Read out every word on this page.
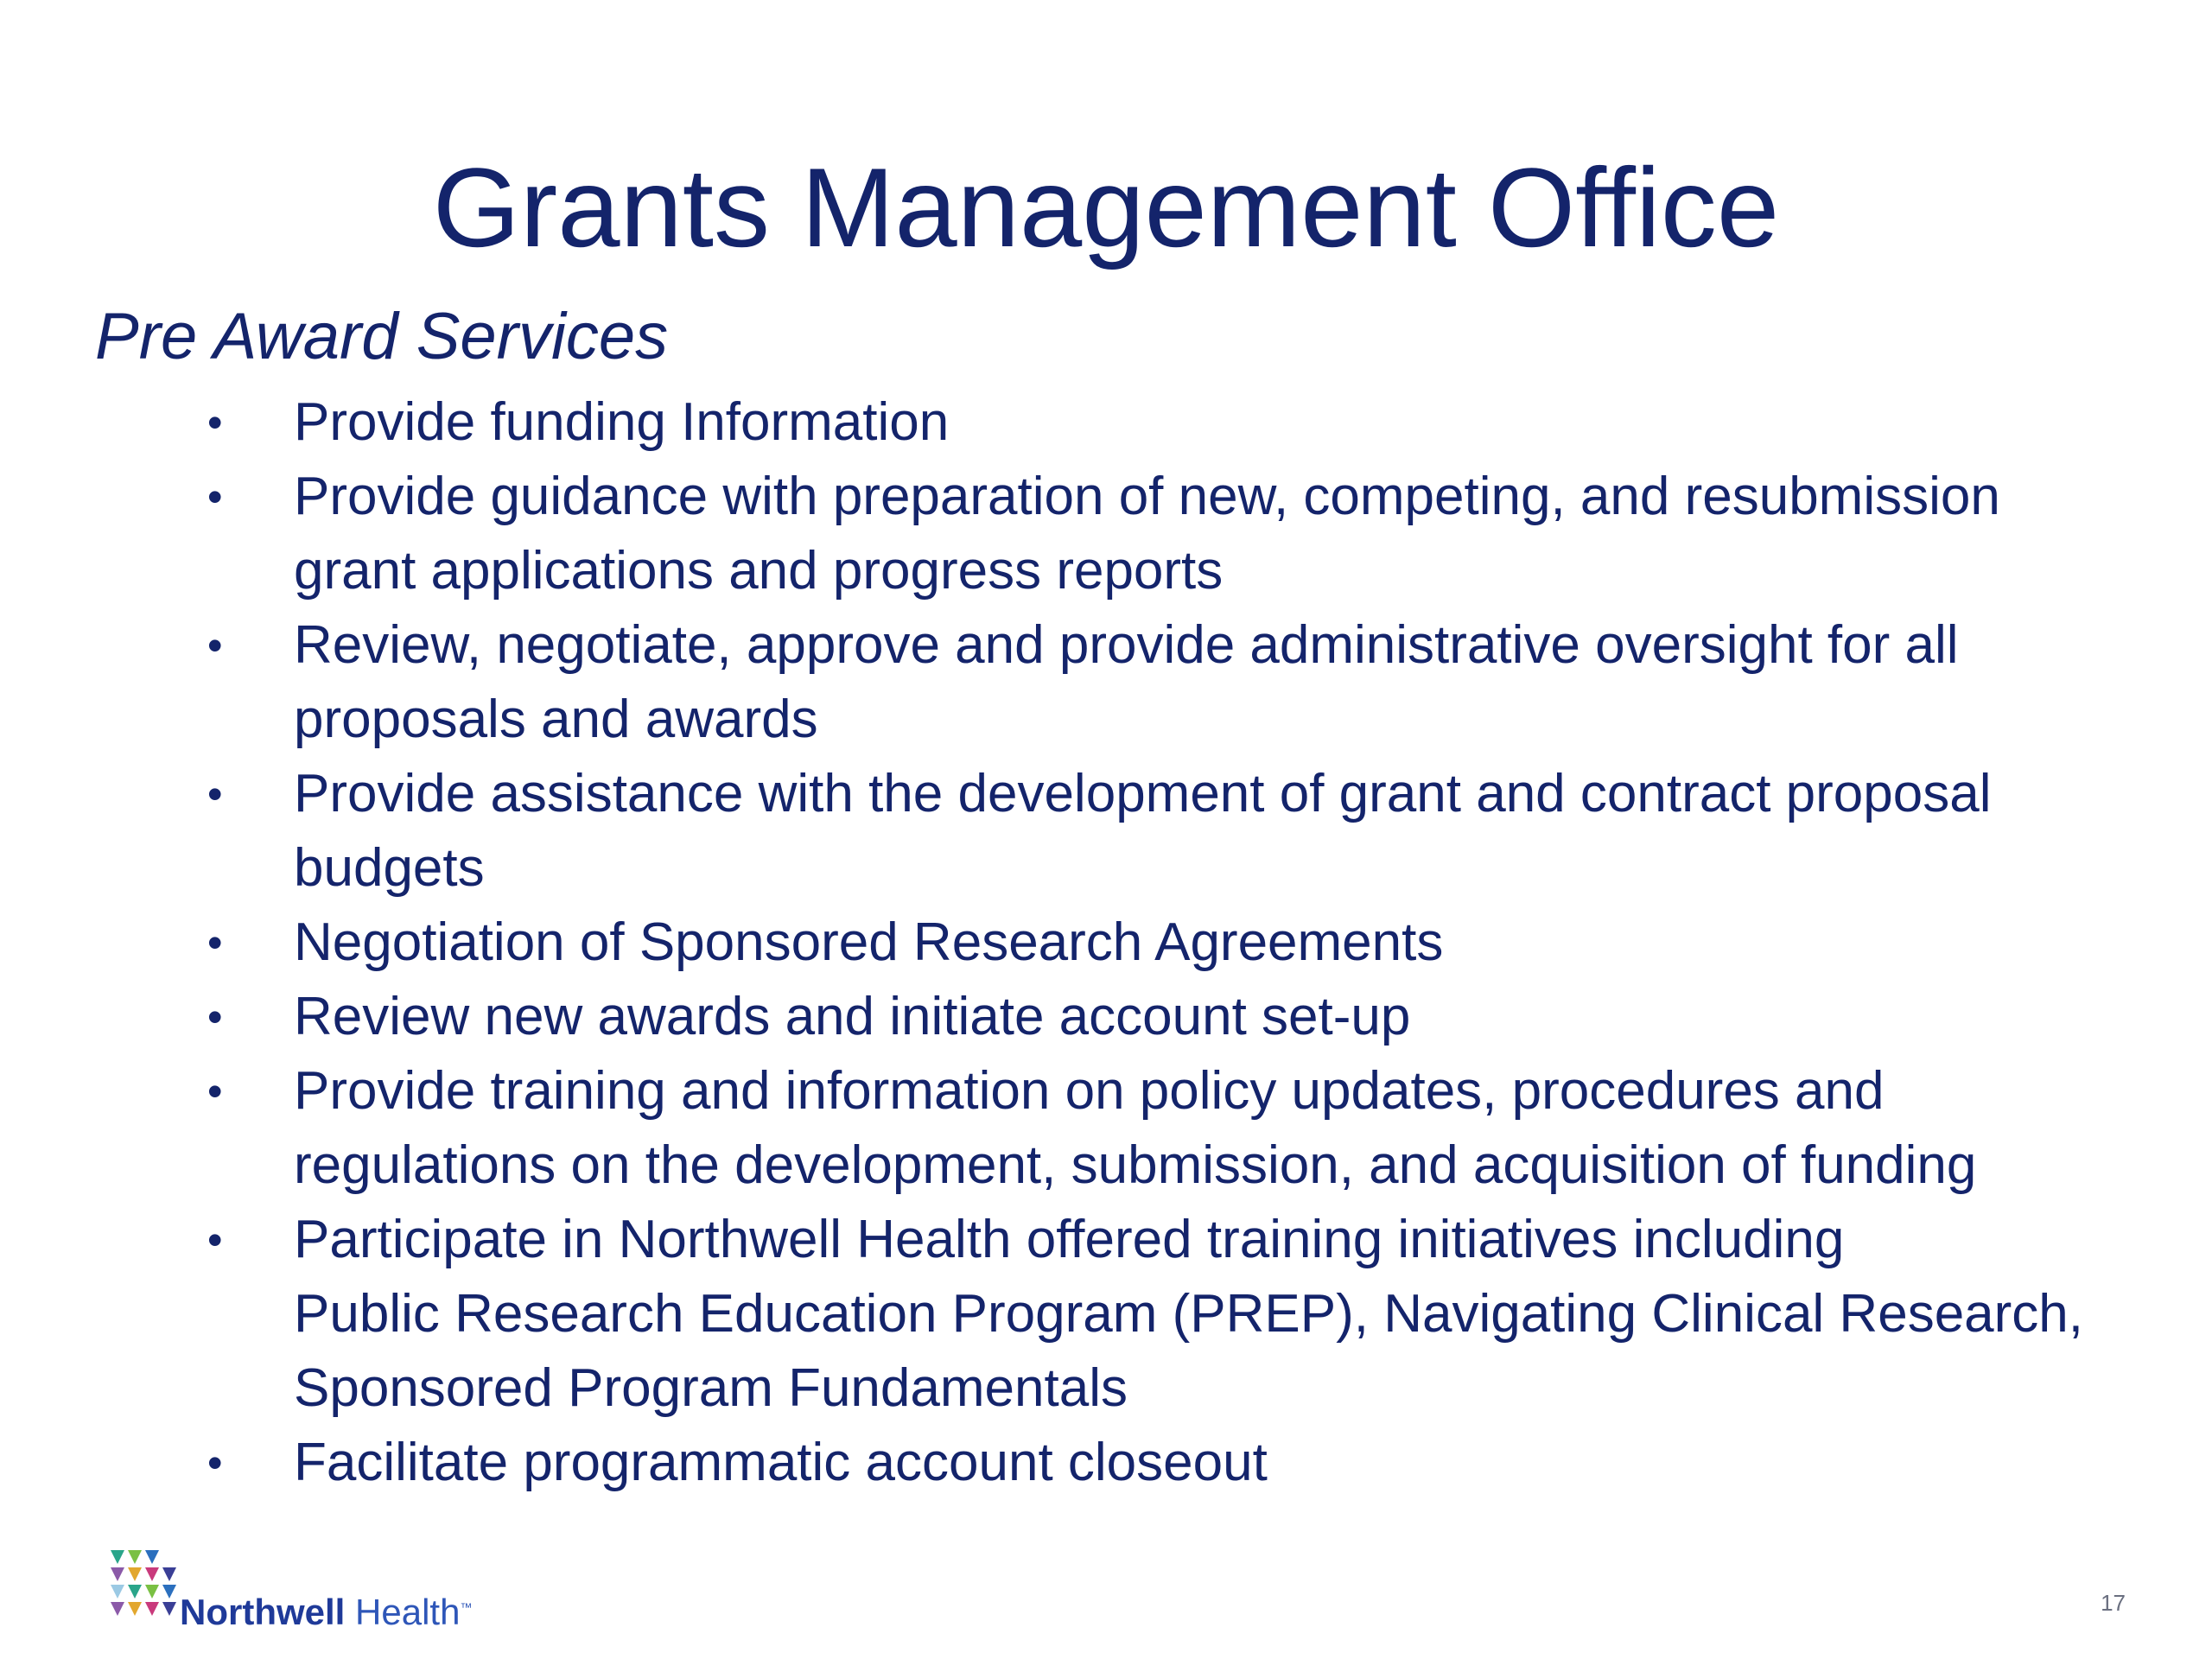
Grants Management Office
Pre Award Services
•	Provide funding Information
•	Provide guidance with preparation of new, competing, and resubmission
grant applications and progress reports
•	Review, negotiate, approve and provide administrative oversight for all
proposals and awards
•	Provide assistance with the development of grant and contract proposal
budgets
•	Negotiation of Sponsored Research Agreements
•	Review new awards and initiate account set-up
•	Provide training and information on policy updates, procedures and
regulations on the development, submission, and acquisition of funding
•	Participate in Northwell Health offered training initiatives including
Public Research Education Program (PREP), Navigating Clinical Research,
Sponsored Program Fundamentals
•	Facilitate programmatic account closeout
Northwell Health™	17
